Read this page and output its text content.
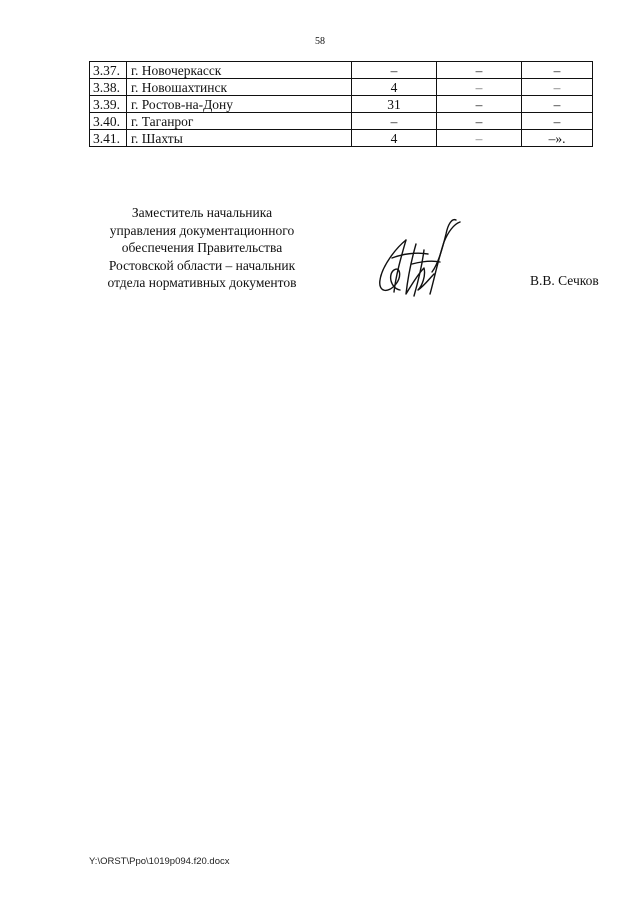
58
3.37.	г. Новочеркасск	–	–	–
3.38.	г. Новошахтинск	4	–	–
3.39.	г. Ростов-на-Дону	31	–	–
3.40.	г. Таганрог	–	–	–
3.41.	г. Шахты	4	–	–».
Заместитель начальника
управления документационного
обеспечения Правительства
Ростовской области – начальник
отдела нормативных документов	В.В. Сечков
Y:\ORST\Ppo\1019p094.f20.docx
